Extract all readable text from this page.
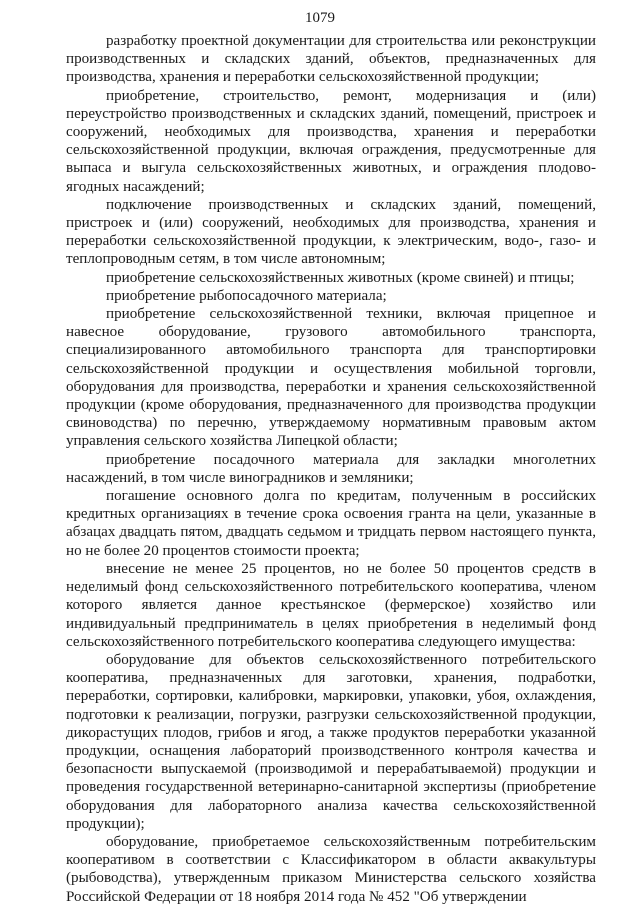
1079

разработку проектной документации для строительства или реконструкции производственных и складских зданий, объектов, предназначенных для производства, хранения и переработки сельскохозяйственной продукции;

приобретение, строительство, ремонт, модернизация и (или) переустройство производственных и складских зданий, помещений, пристроек и сооружений, необходимых для производства, хранения и переработки сельскохозяйственной продукции, включая ограждения, предусмотренные для выпаса и выгула сельскохозяйственных животных, и ограждения плодово-ягодных насаждений;

подключение производственных и складских зданий, помещений, пристроек и (или) сооружений, необходимых для производства, хранения и переработки сельскохозяйственной продукции, к электрическим, водо-, газо- и теплопроводным сетям, в том числе автономным;

приобретение сельскохозяйственных животных (кроме свиней) и птицы;

приобретение рыбопосадочного материала;

приобретение сельскохозяйственной техники, включая прицепное и навесное оборудование, грузового автомобильного транспорта, специализированного автомобильного транспорта для транспортировки сельскохозяйственной продукции и осуществления мобильной торговли, оборудования для производства, переработки и хранения сельскохозяйственной продукции (кроме оборудования, предназначенного для производства продукции свиноводства) по перечню, утверждаемому нормативным правовым актом управления сельского хозяйства Липецкой области;

приобретение посадочного материала для закладки многолетних насаждений, в том числе виноградников и земляники;

погашение основного долга по кредитам, полученным в российских кредитных организациях в течение срока освоения гранта на цели, указанные в абзацах двадцать пятом, двадцать седьмом и тридцать первом настоящего пункта, но не более 20 процентов стоимости проекта;

внесение не менее 25 процентов, но не более 50 процентов средств в неделимый фонд сельскохозяйственного потребительского кооператива, членом которого является данное крестьянское (фермерское) хозяйство или индивидуальный предприниматель в целях приобретения в неделимый фонд сельскохозяйственного потребительского кооператива следующего имущества:

оборудование для объектов сельскохозяйственного потребительского кооператива, предназначенных для заготовки, хранения, подработки, переработки, сортировки, калибровки, маркировки, упаковки, убоя, охлаждения, подготовки к реализации, погрузки, разгрузки сельскохозяйственной продукции, дикорастущих плодов, грибов и ягод, а также продуктов переработки указанной продукции, оснащения лабораторий производственного контроля качества и безопасности выпускаемой (производимой и перерабатываемой) продукции и проведения государственной ветеринарно-санитарной экспертизы (приобретение оборудования для лабораторного анализа качества сельскохозяйственной продукции);

оборудование, приобретаемое сельскохозяйственным потребительским кооперативом в соответствии с Классификатором в области аквакультуры (рыбоводства), утвержденным приказом Министерства сельского хозяйства Российской Федерации от 18 ноября 2014 года № 452 "Об утверждении
